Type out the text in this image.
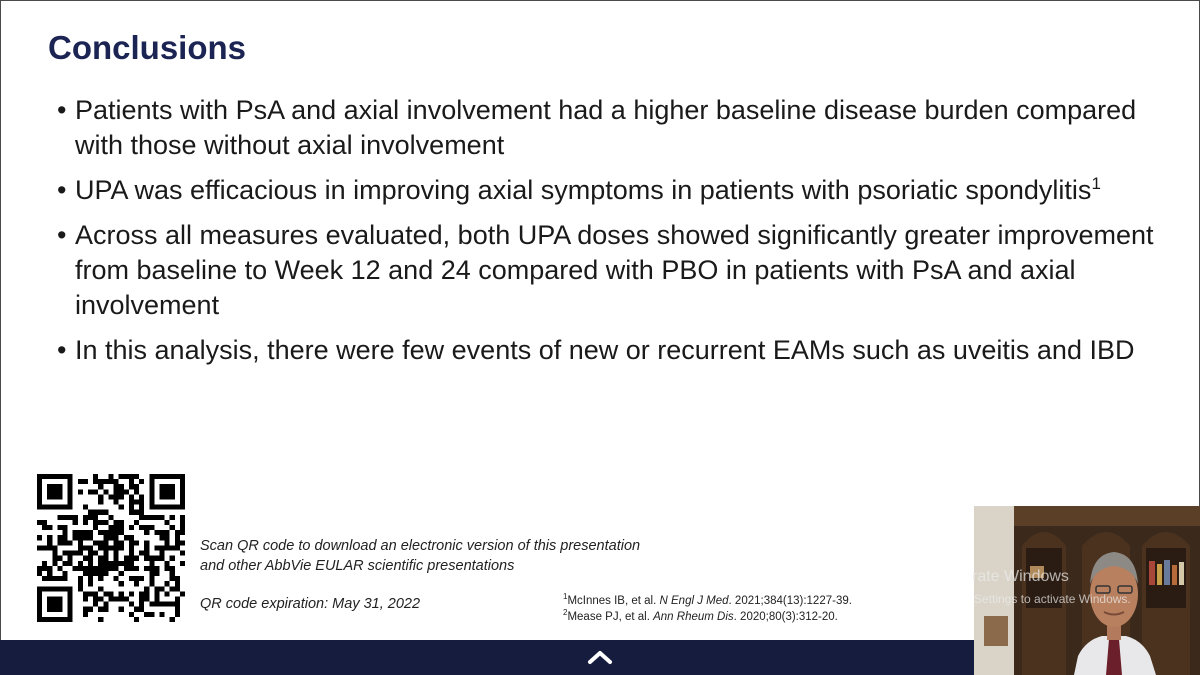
Conclusions
• Patients with PsA and axial involvement had a higher baseline disease burden compared with those without axial involvement
• UPA was efficacious in improving axial symptoms in patients with psoriatic spondylitis$^1$
• Across all measures evaluated, both UPA doses showed significantly greater improvement from baseline to Week 12 and 24 compared with PBO in patients with PsA and axial involvement
• In this analysis, there were few events of new or recurrent EAMs such as uveitis and IBD
Scan QR code to download an electronic version of this presentation
and other AbbVie EULAR scientific presentations
QR code expiration: May 31, 2022	$^1$McInnes IB, et al. N Engl J Med. 2021;384(13):1227-39.
$^2$Mease PJ, et al. Ann Rheum Dis. 2020;80(3):312-20.
rate Windows
Settings to activate Windows.
